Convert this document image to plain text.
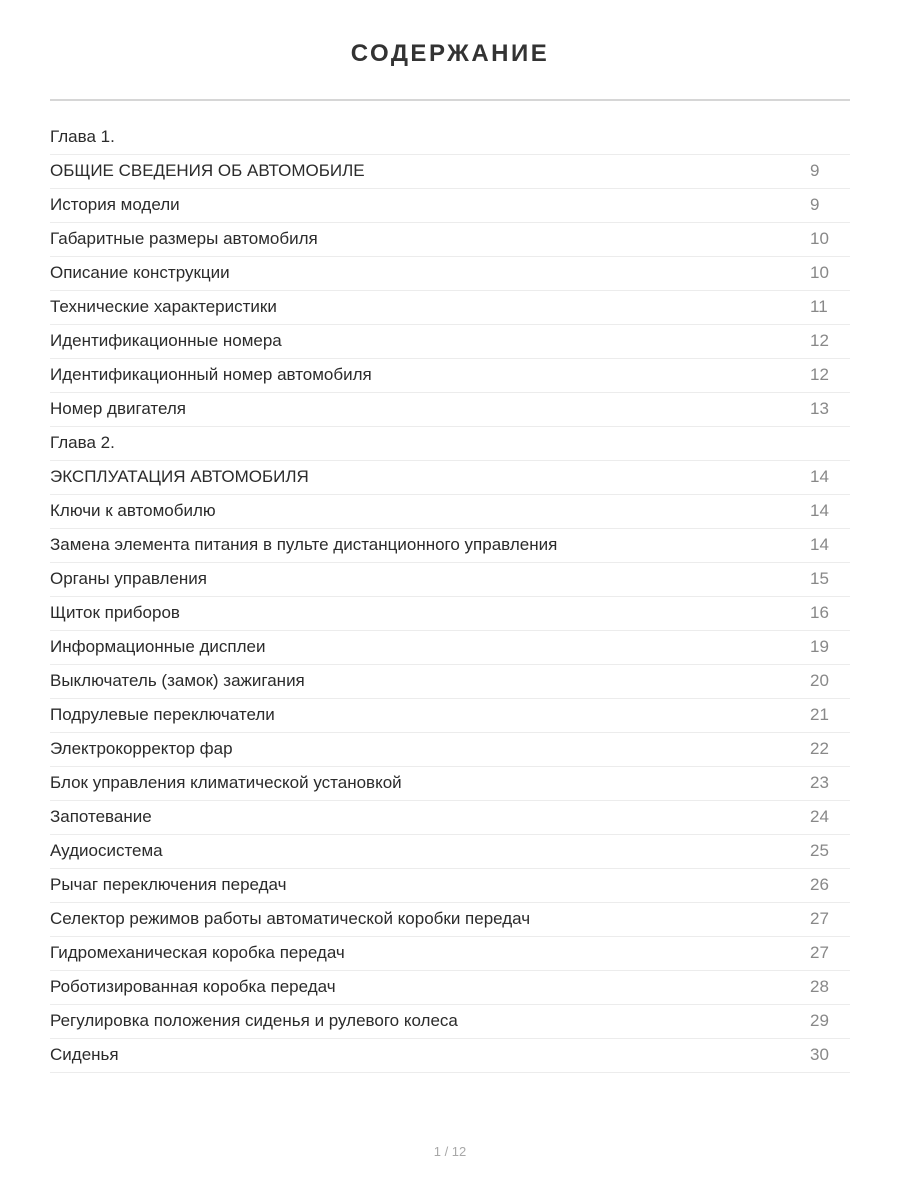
СОДЕРЖАНИЕ
Глава 1.
ОБЩИЕ СВЕДЕНИЯ ОБ АВТОМОБИЛЕ	9
История модели	9
Габаритные размеры автомобиля	10
Описание конструкции	10
Технические характеристики	11
Идентификационные номера	12
Идентификационный номер автомобиля	12
Номер двигателя	13
Глава 2.
ЭКСПЛУАТАЦИЯ АВТОМОБИЛЯ	14
Ключи к автомобилю	14
Замена элемента питания в пульте дистанционного управления	14
Органы управления	15
Щиток приборов	16
Информационные дисплеи	19
Выключатель (замок) зажигания	20
Подрулевые переключатели	21
Электрокорректор фар	22
Блок управления климатической установкой	23
Запотевание	24
Аудиосистема	25
Рычаг переключения передач	26
Селектор режимов работы автоматической коробки передач	27
Гидромеханическая коробка передач	27
Роботизированная коробка передач	28
Регулировка положения сиденья и рулевого колеса	29
Сиденья	30
1 / 12
